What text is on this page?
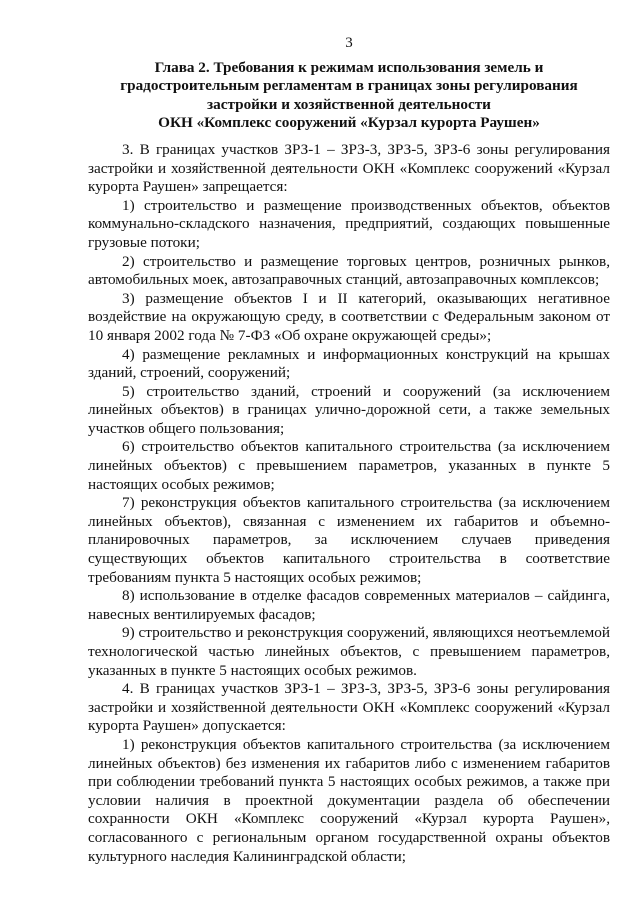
3
Глава 2. Требования к режимам использования земель и
градостроительным регламентам в границах зоны регулирования
застройки и хозяйственной деятельности
ОКН «Комплекс сооружений «Курзал курорта Раушен»

3. В границах участков ЗРЗ-1 – ЗРЗ-3, ЗРЗ-5, ЗРЗ-6 зоны регулирования застройки и хозяйственной деятельности ОКН «Комплекс сооружений «Курзал курорта Раушен» запрещается:

1) строительство и размещение производственных объектов, объектов коммунально-складского назначения, предприятий, создающих повышенные грузовые потоки;

2) строительство и размещение торговых центров, розничных рынков, автомобильных моек, автозаправочных станций, автозаправочных комплексов;

3) размещение объектов I и II категорий, оказывающих негативное воздействие на окружающую среду, в соответствии с Федеральным законом от 10 января 2002 года № 7-ФЗ «Об охране окружающей среды»;

4) размещение рекламных и информационных конструкций на крышах зданий, строений, сооружений;

5) строительство зданий, строений и сооружений (за исключением линейных объектов) в границах улично-дорожной сети, а также земельных участков общего пользования;

6) строительство объектов капитального строительства (за исключением линейных объектов) с превышением параметров, указанных в пункте 5 настоящих особых режимов;

7) реконструкция объектов капитального строительства (за исключением линейных объектов), связанная с изменением их габаритов и объемно-планировочных параметров, за исключением случаев приведения существующих объектов капитального строительства в соответствие требованиям пункта 5 настоящих особых режимов;

8) использование в отделке фасадов современных материалов – сайдинга, навесных вентилируемых фасадов;

9) строительство и реконструкция сооружений, являющихся неотъемлемой технологической частью линейных объектов, с превышением параметров, указанных в пункте 5 настоящих особых режимов.

4. В границах участков ЗРЗ-1 – ЗРЗ-3, ЗРЗ-5, ЗРЗ-6 зоны регулирования застройки и хозяйственной деятельности ОКН «Комплекс сооружений «Курзал курорта Раушен» допускается:

1) реконструкция объектов капитального строительства (за исключением линейных объектов) без изменения их габаритов либо с изменением габаритов при соблюдении требований пункта 5 настоящих особых режимов, а также при условии наличия в проектной документации раздела об обеспечении сохранности ОКН «Комплекс сооружений «Курзал курорта Раушен», согласованного с региональным органом государственной охраны объектов культурного наследия Калининградской области;
